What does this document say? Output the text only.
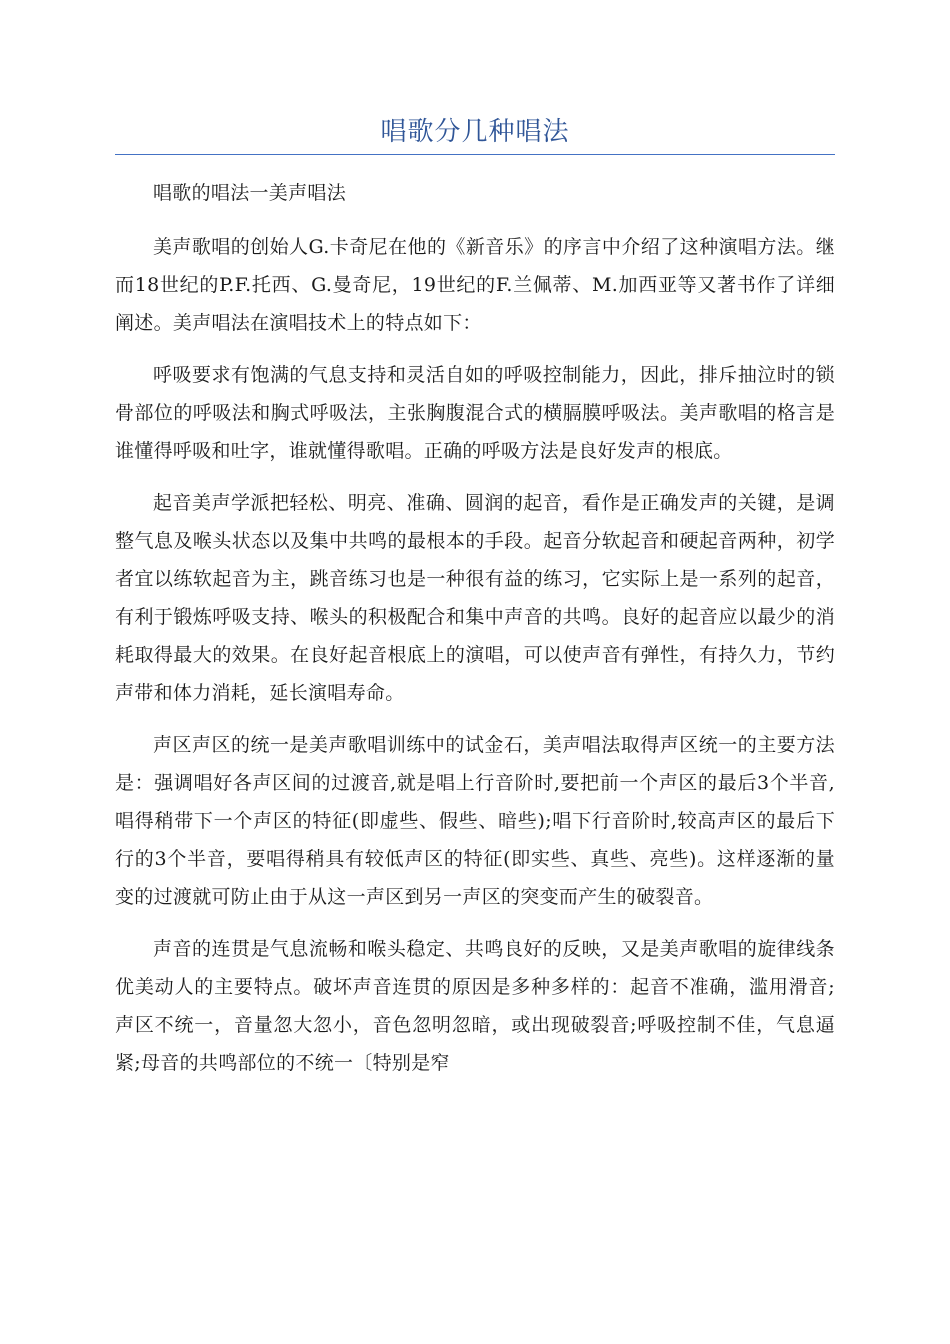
唱歌分几种唱法

唱歌的唱法一美声唱法

美声歌唱的创始人G.卡奇尼在他的《新音乐》的序言中介绍了这种演唱方法。继而18世纪的P.F.托西、G.曼奇尼，19世纪的F.兰佩蒂、M.加西亚等又著书作了详细阐述。美声唱法在演唱技术上的特点如下：

呼吸要求有饱满的气息支持和灵活自如的呼吸控制能力，因此，排斥抽泣时的锁骨部位的呼吸法和胸式呼吸法，主张胸腹混合式的横膈膜呼吸法。美声歌唱的格言是谁懂得呼吸和吐字，谁就懂得歌唱。正确的呼吸方法是良好发声的根底。

起音美声学派把轻松、明亮、准确、圆润的起音，看作是正确发声的关键，是调整气息及喉头状态以及集中共鸣的最根本的手段。起音分软起音和硬起音两种，初学者宜以练软起音为主，跳音练习也是一种很有益的练习，它实际上是一系列的起音，有利于锻炼呼吸支持、喉头的积极配合和集中声音的共鸣。良好的起音应以最少的消耗取得最大的效果。在良好起音根底上的演唱，可以使声音有弹性，有持久力，节约声带和体力消耗，延长演唱寿命。

声区声区的统一是美声歌唱训练中的试金石，美声唱法取得声区统一的主要方法是：强调唱好各声区间的过渡音,就是唱上行音阶时,要把前一个声区的最后3个半音,唱得稍带下一个声区的特征(即虚些、假些、暗些);唱下行音阶时,较高声区的最后下行的3个半音，要唱得稍具有较低声区的特征(即实些、真些、亮些)。这样逐渐的量变的过渡就可防止由于从这一声区到另一声区的突变而产生的破裂音。

声音的连贯是气息流畅和喉头稳定、共鸣良好的反映，又是美声歌唱的旋律线条优美动人的主要特点。破坏声音连贯的原因是多种多样的：起音不准确，滥用滑音;声区不统一，音量忽大忽小，音色忽明忽暗，或出现破裂音;呼吸控制不佳，气息逼紧;母音的共鸣部位的不统一〔特别是窄
